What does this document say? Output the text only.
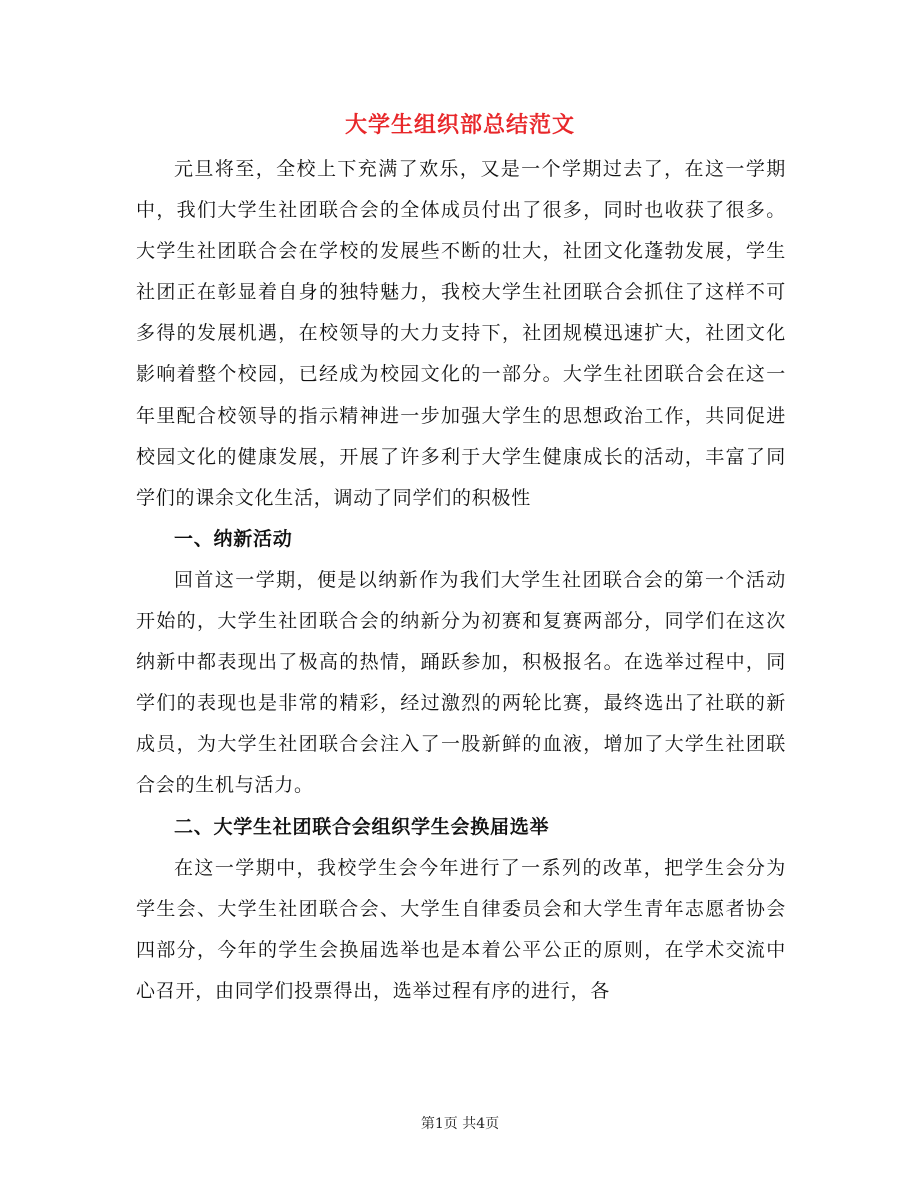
大学生组织部总结范文

元旦将至，全校上下充满了欢乐，又是一个学期过去了，在这一学期中，我们大学生社团联合会的全体成员付出了很多，同时也收获了很多。大学生社团联合会在学校的发展些不断的壮大，社团文化蓬勃发展，学生社团正在彰显着自身的独特魅力，我校大学生社团联合会抓住了这样不可多得的发展机遇，在校领导的大力支持下，社团规模迅速扩大，社团文化影响着整个校园，已经成为校园文化的一部分。大学生社团联合会在这一年里配合校领导的指示精神进一步加强大学生的思想政治工作，共同促进校园文化的健康发展，开展了许多利于大学生健康成长的活动，丰富了同学们的课余文化生活，调动了同学们的积极性

一、纳新活动

回首这一学期，便是以纳新作为我们大学生社团联合会的第一个活动开始的，大学生社团联合会的纳新分为初赛和复赛两部分，同学们在这次纳新中都表现出了极高的热情，踊跃参加，积极报名。在选举过程中，同学们的表现也是非常的精彩，经过激烈的两轮比赛，最终选出了社联的新成员，为大学生社团联合会注入了一股新鲜的血液，增加了大学生社团联合会的生机与活力。

二、大学生社团联合会组织学生会换届选举

在这一学期中，我校学生会今年进行了一系列的改革，把学生会分为学生会、大学生社团联合会、大学生自律委员会和大学生青年志愿者协会四部分，今年的学生会换届选举也是本着公平公正的原则，在学术交流中心召开，由同学们投票得出，选举过程有序的进行，各

第1页 共4页
